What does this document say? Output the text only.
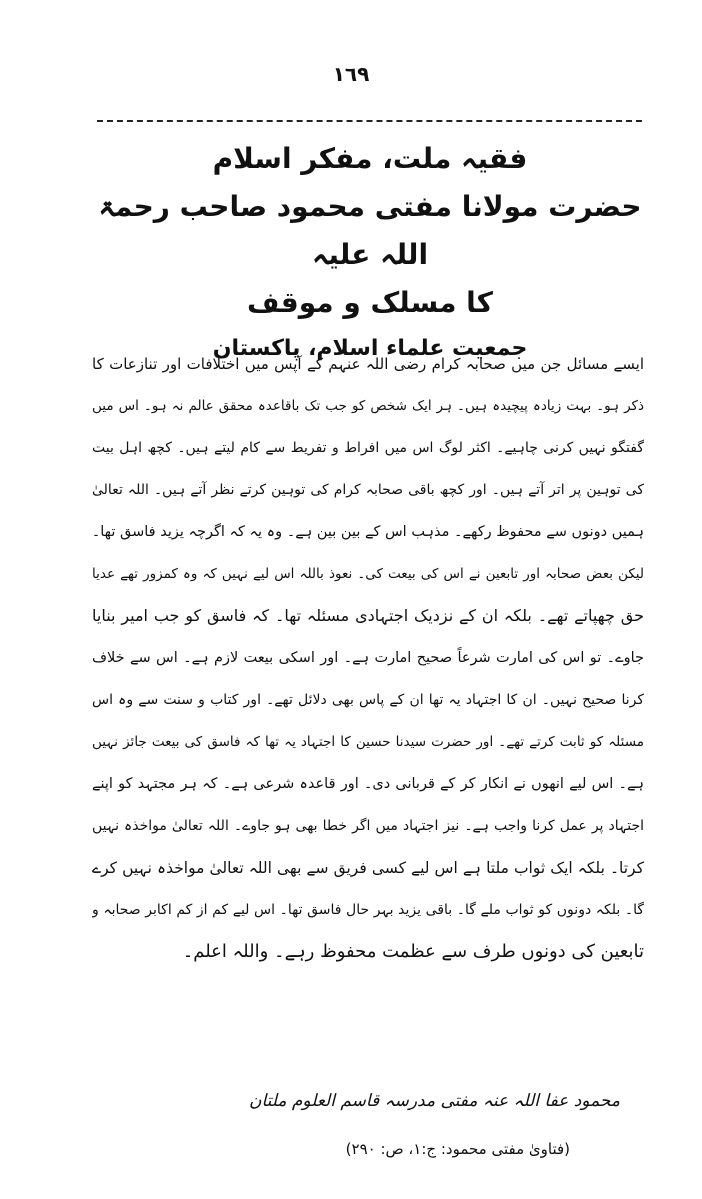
١٦٩
فقیہ ملت، مفکر اسلام
حضرت مولانا مفتی محمود صاحب رحمۃ اللہ علیہ
کا مسلک و موقف
جمعیت علماء اسلام، پاکستان
ایسے مسائل جن میں صحابہ کرام رضی اللہ عنہم کے آپس میں اختلافات اور تنازعات کا
ذکر ہو۔ بہت زیادہ پیچیدہ ہیں۔ ہر ایک شخص کو جب تک باقاعدہ محقق عالم نہ ہو۔ اس میں
گفتگو نہیں کرنی چاہیے۔ اکثر لوگ اس میں افراط و تفریط سے کام لیتے ہیں۔ کچھ اہل بیت
کی توہین پر اتر آتے ہیں۔ اور کچھ باقی صحابہ کرام کی توہین کرتے نظر آتے ہیں۔ اللہ تعالیٰ
ہمیں دونوں سے محفوظ رکھے۔ مذہب اس کے بین بین ہے۔ وہ یہ کہ اگرچہ یزید فاسق تھا۔
لیکن بعض صحابہ اور تابعین نے اس کی بیعت کی۔ نعوذ باللہ اس لیے نہیں کہ وہ کمزور تھے عدیا
حق چھپاتے تھے۔ بلکہ ان کے نزدیک اجتہادی مسئلہ تھا۔ کہ فاسق کو جب امیر بنایا
جاوے۔ تو اس کی امارت شرعاً صحیح امارت ہے۔ اور اسکی بیعت لازم ہے۔ اس سے خلاف
کرنا صحیح نہیں۔ ان کا اجتہاد یہ تھا ان کے پاس بھی دلائل تھے۔ اور کتاب و سنت سے وہ اس
مسئلہ کو ثابت کرتے تھے۔ اور حضرت سیدنا حسین کا اجتہاد یہ تھا کہ فاسق کی بیعت جائز نہیں
ہے۔ اس لیے انھوں نے انکار کر کے قربانی دی۔ اور قاعدہ شرعی ہے۔ کہ ہر مجتہد کو اپنے
اجتہاد پر عمل کرنا واجب ہے۔ نیز اجتہاد میں اگر خطا بھی ہو جاوے۔ اللہ تعالیٰ مواخذہ نہیں
کرتا۔ بلکہ ایک ثواب ملتا ہے اس لیے کسی فریق سے بھی اللہ تعالیٰ مواخذہ نہیں کرے
گا۔ بلکہ دونوں کو ثواب ملے گا۔ باقی یزید بہر حال فاسق تھا۔ اس لیے کم از کم اکابر صحابہ و
تابعین کی دونوں طرف سے عظمت محفوظ رہے۔ واللہ اعلم۔
محمود عفا اللہ عنہ مفتی مدرسہ قاسم العلوم ملتان
(فتاویٰ مفتی محمود: ج:۱، ص: ۲۹۰)
